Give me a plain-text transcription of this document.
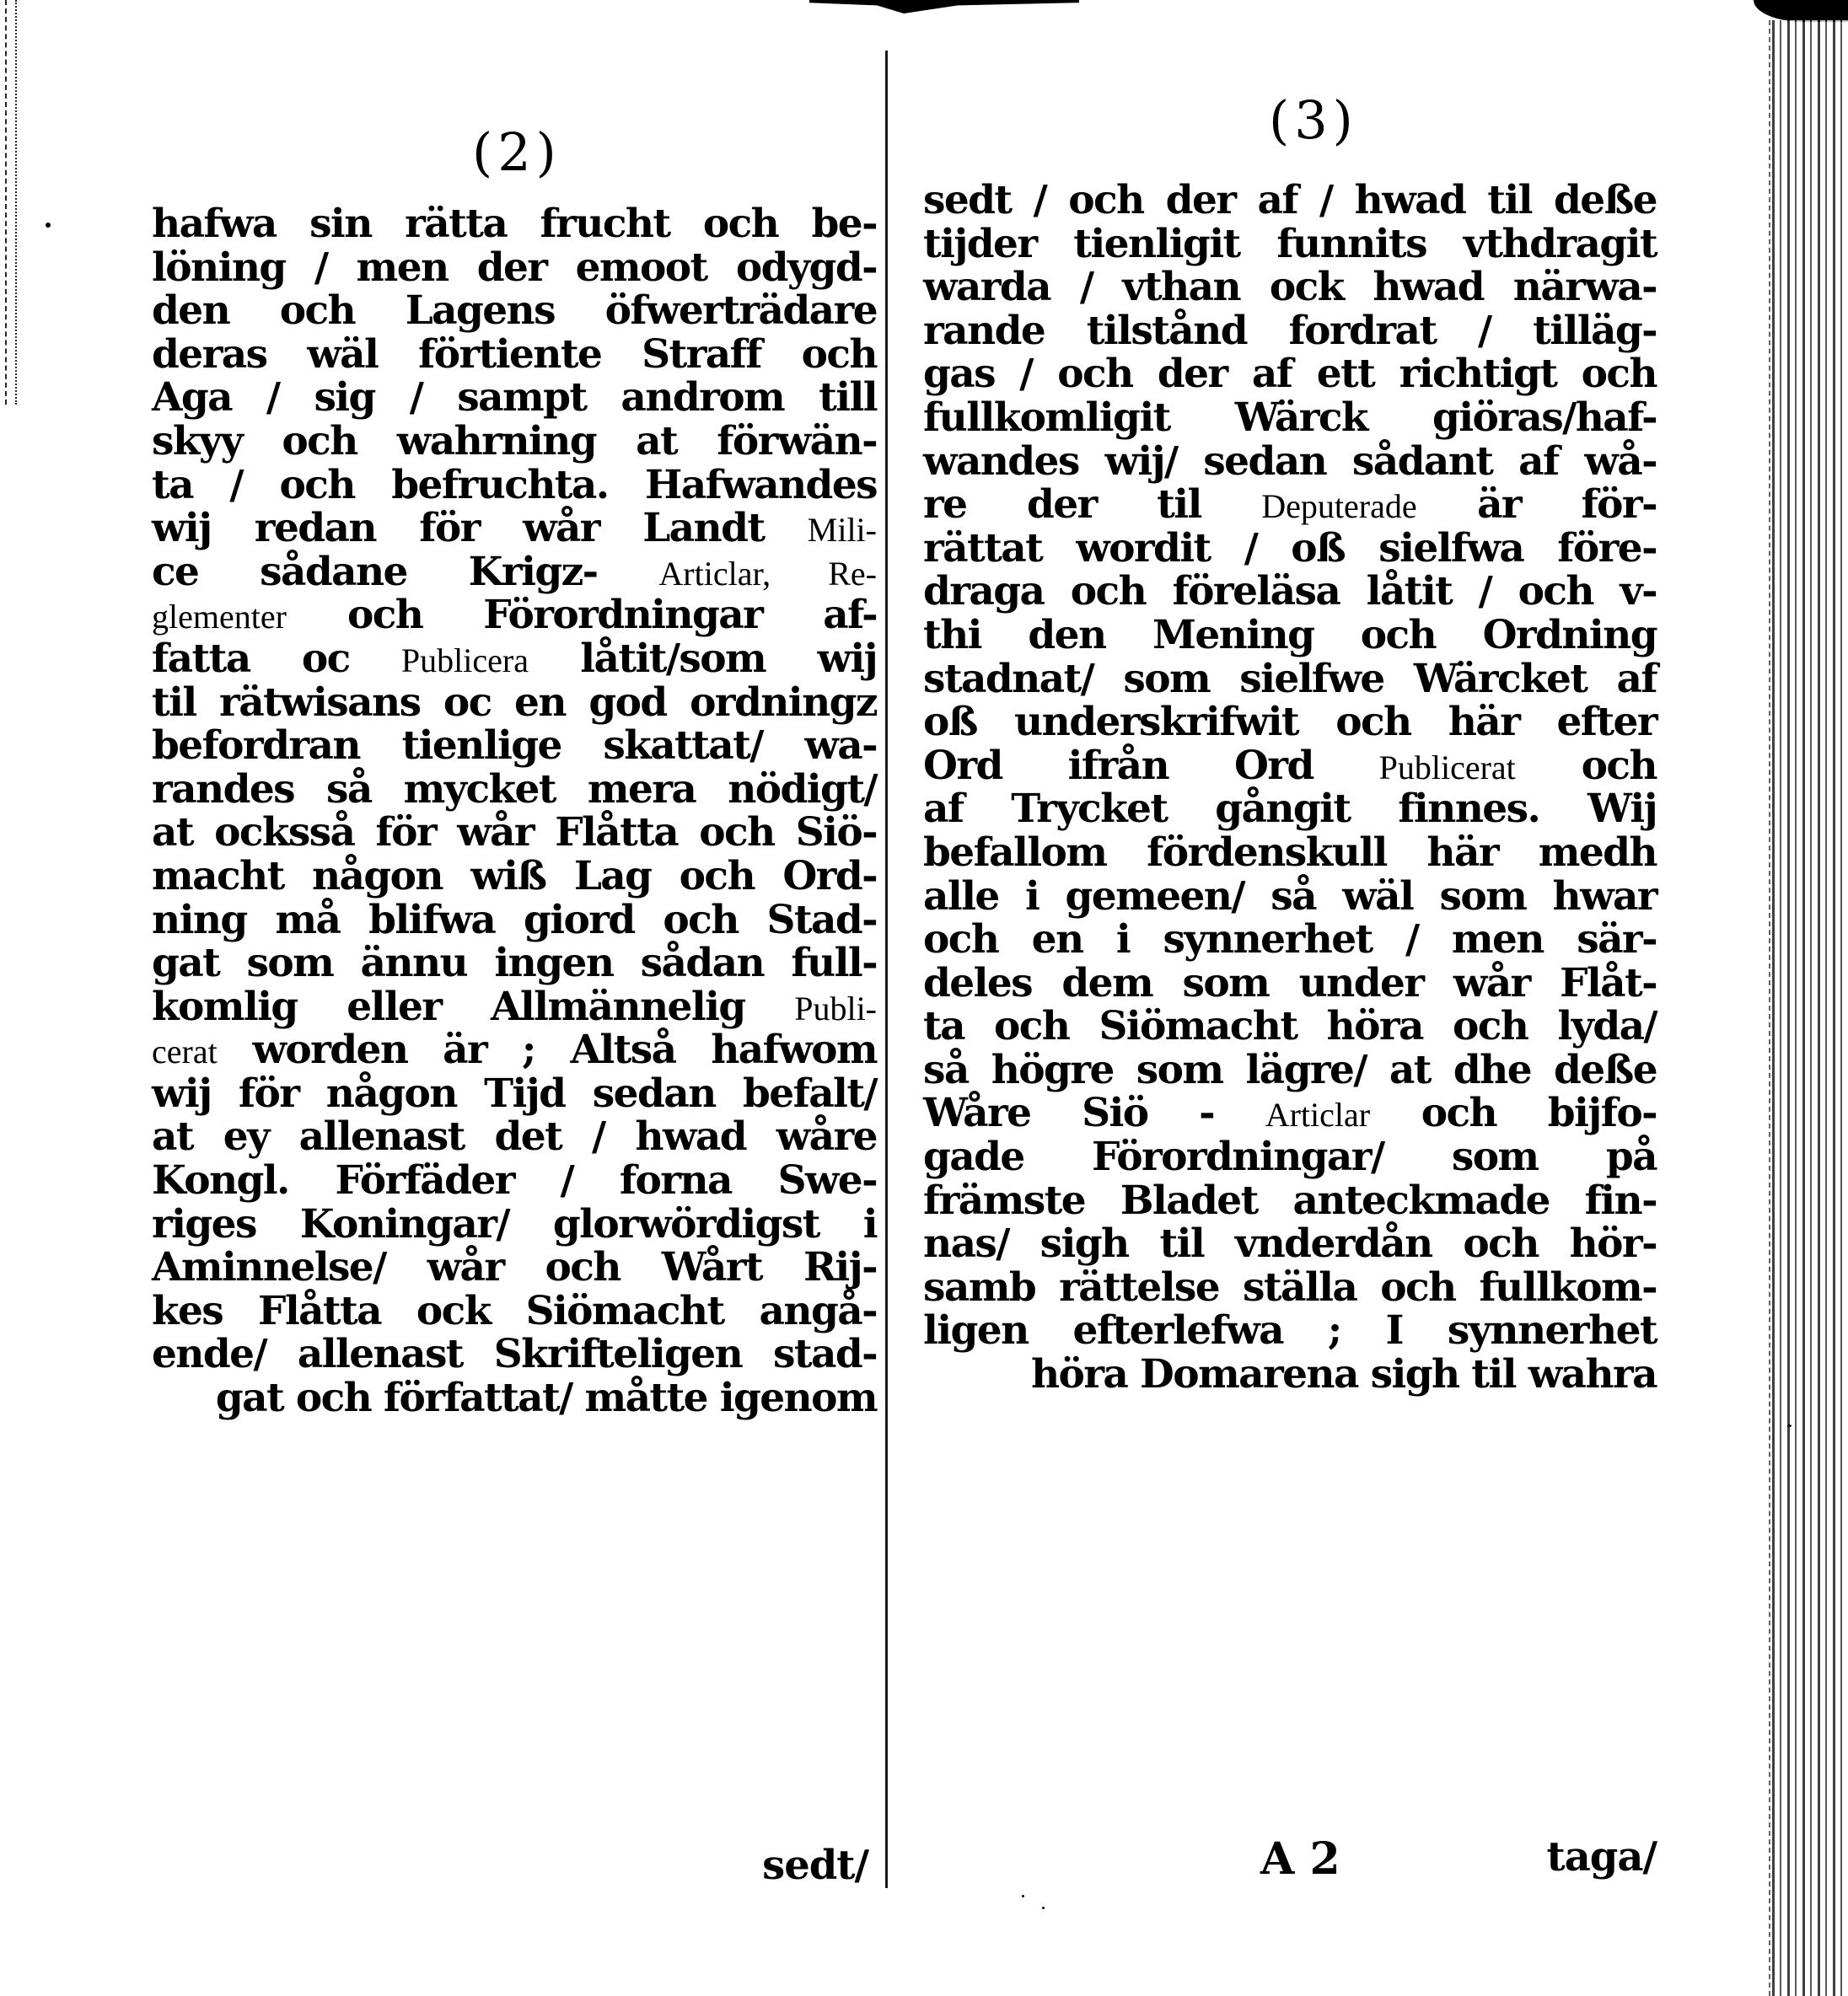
(2)
hafwa sin rätta frucht och be-
löning / men der emoot odygd-
den och Lagens öfwerträdare
deras wäl förtiente Straff och
Aga / sig / sampt androm till
skyy och wahrning at förwän-
ta / och befruchta. Hafwandes
wij redan för wår Landt Mili-
ce sådane Krigz- Articlar, Re-
glementer och Förordningar af-
fatta oc Publicera låtit/som wij
til rätwisans oc en god ordningz
befordran tienlige skattat/ wa-
randes så mycket mera nödigt/
at ocksså för wår Flåtta och Siö-
macht någon wiß Lag och Ord-
ning må blifwa giord och Stad-
gat som ännu ingen sådan full-
komlig eller Allmännelig Publi-
cerat worden är ; Altså hafwom
wij för någon Tijd sedan befalt/
at ey allenast det / hwad wåre
Kongl. Förfäder / forna Swe-
riges Koningar/ glorwördigst i
Aminnelse/ wår och Wårt Rij-
kes Flåtta ock Siömacht angå-
ende/ allenast Skrifteligen stad-
gat och författat/ måtte igenom
sedt/
(3)
sedt / och der af / hwad til deße
tijder tienligit funnits vthdragit
warda / vthan ock hwad närwa-
rande tilstånd fordrat / tilläg-
gas / och der af ett richtigt och
fullkomligit Wärck giöras/haf-
wandes wij/ sedan sådant af wå-
re der til Deputerade är för-
rättat wordit / oß sielfwa före-
draga och föreläsa låtit / och v-
thi den Mening och Ordning
stadnat/ som sielfwe Wärcket af
oß underskrifwit och här efter
Ord ifrån Ord Publicerat och
af Trycket gångit finnes. Wij
befallom fördenskull här medh
alle i gemeen/ så wäl som hwar
och en i synnerhet / men sär-
deles dem som under wår Flåt-
ta och Siömacht höra och lyda/
så högre som lägre/ at dhe deße
Wåre Siö - Articlar och bijfo-
gade Förordningar/ som på
främste Bladet anteckmade fin-
nas/ sigh til vnderdån och hör-
samb rättelse ställa och fullkom-
ligen efterlefwa ; I synnerhet
höra Domarena sigh til wahra
A 2	taga/
